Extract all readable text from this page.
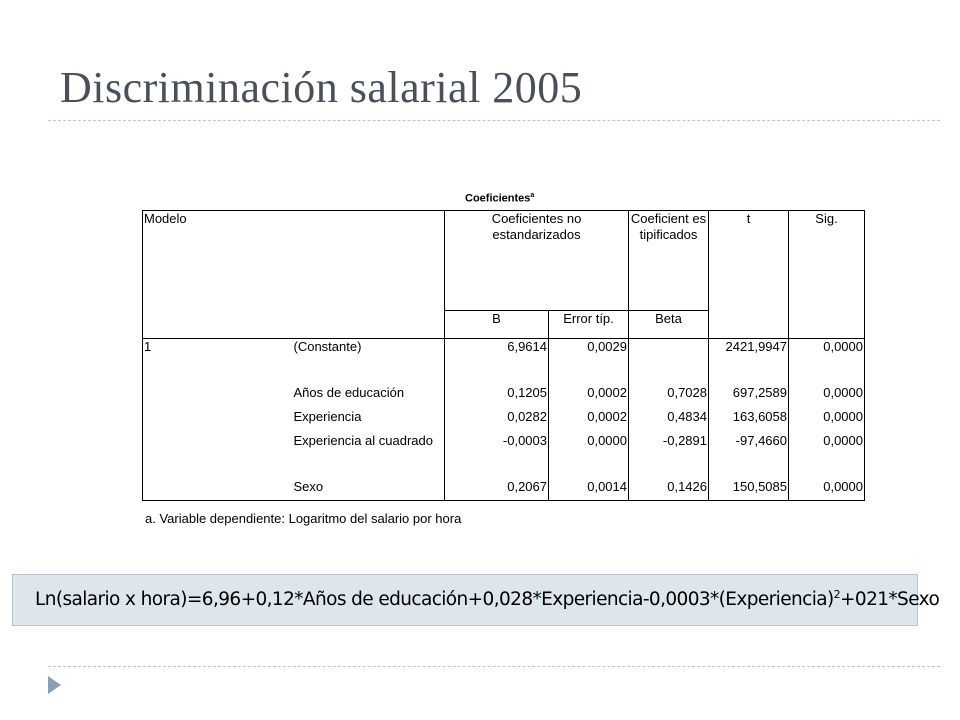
Discriminación salarial 2005
Coeficientes$^a$
Modelo		Coeficientes no estandarizados		Coeficient es tipificados	t	Sig.
		B	Error típ.	Beta		
1	(Constante)	6,9614	0,0029		2421,9947	0,0000
	Años de educación	0,1205	0,0002	0,7028	697,2589	0,0000
	Experiencia	0,0282	0,0002	0,4834	163,6058	0,0000
	Experiencia al cuadrado	-0,0003	0,0000	-0,2891	-97,4660	0,0000
	Sexo	0,2067	0,0014	0,1426	150,5085	0,0000
a. Variable dependiente: Logaritmo del salario por hora
Ln(salario x hora)=6,96+0,12*Años de educación+0,028*Experiencia-0,0003*(Experiencia)$^2$+021*Sexo
